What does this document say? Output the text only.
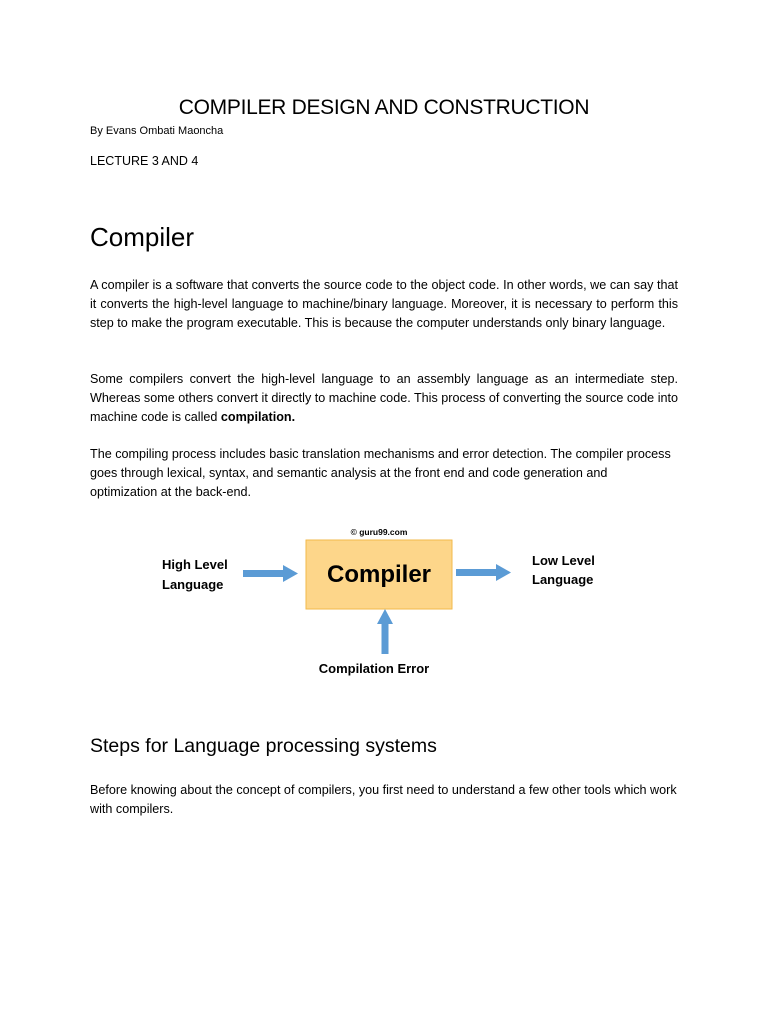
COMPILER DESIGN AND CONSTRUCTION
By Evans Ombati Maoncha
LECTURE 3 AND 4
Compiler

A compiler is a software that converts the source code to the object code. In other words, we can say that it converts the high-level language to machine/binary language. Moreover, it is necessary to perform this step to make the program executable. This is because the computer understands only binary language.

Some compilers convert the high-level language to an assembly language as an intermediate step. Whereas some others convert it directly to machine code. This process of converting the source code into machine code is called compilation.

The compiling process includes basic translation mechanisms and error detection. The compiler process goes through lexical, syntax, and semantic analysis at the front end and code generation and optimization at the back-end.

© guru99.com
High Level
Language	Compiler
Low Level
Language
Compilation Error
Steps for Language processing systems

Before knowing about the concept of compilers, you first need to understand a few other tools which work with compilers.
